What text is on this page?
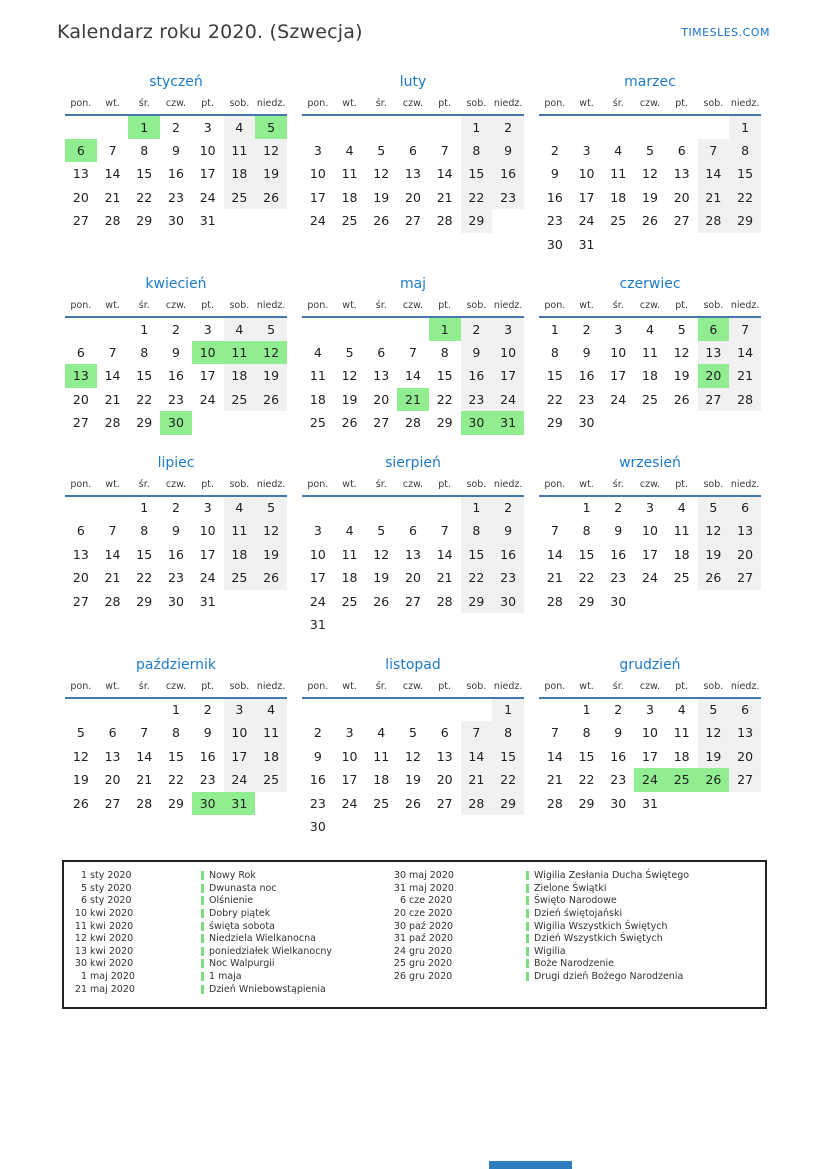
Kalendarz roku 2020. (Szwecja)	TIMESLES.COM
styczeń
pon.	wt.	śr.	czw.	pt.	sob.	niedz.
		1	2	3	4	5
6	7	8	9	10	11	12
13	14	15	16	17	18	19
20	21	22	23	24	25	26
27	28	29	30	31		
luty
pon.	wt.	śr.	czw.	pt.	sob.	niedz.
					1	2
3	4	5	6	7	8	9
10	11	12	13	14	15	16
17	18	19	20	21	22	23
24	25	26	27	28	29	
marzec
pon.	wt.	śr.	czw.	pt.	sob.	niedz.
						1
2	3	4	5	6	7	8
9	10	11	12	13	14	15
16	17	18	19	20	21	22
23	24	25	26	27	28	29
30	31					
kwiecień
pon.	wt.	śr.	czw.	pt.	sob.	niedz.
		1	2	3	4	5
6	7	8	9	10	11	12
13	14	15	16	17	18	19
20	21	22	23	24	25	26
27	28	29	30			
maj
pon.	wt.	śr.	czw.	pt.	sob.	niedz.
				1	2	3
4	5	6	7	8	9	10
11	12	13	14	15	16	17
18	19	20	21	22	23	24
25	26	27	28	29	30	31
czerwiec
pon.	wt.	śr.	czw.	pt.	sob.	niedz.
1	2	3	4	5	6	7
8	9	10	11	12	13	14
15	16	17	18	19	20	21
22	23	24	25	26	27	28
29	30					
lipiec
pon.	wt.	śr.	czw.	pt.	sob.	niedz.
		1	2	3	4	5
6	7	8	9	10	11	12
13	14	15	16	17	18	19
20	21	22	23	24	25	26
27	28	29	30	31		
sierpień
pon.	wt.	śr.	czw.	pt.	sob.	niedz.
					1	2
3	4	5	6	7	8	9
10	11	12	13	14	15	16
17	18	19	20	21	22	23
24	25	26	27	28	29	30
31						
wrzesień
pon.	wt.	śr.	czw.	pt.	sob.	niedz.
	1	2	3	4	5	6
7	8	9	10	11	12	13
14	15	16	17	18	19	20
21	22	23	24	25	26	27
28	29	30				
październik
pon.	wt.	śr.	czw.	pt.	sob.	niedz.
			1	2	3	4
5	6	7	8	9	10	11
12	13	14	15	16	17	18
19	20	21	22	23	24	25
26	27	28	29	30	31	
listopad
pon.	wt.	śr.	czw.	pt.	sob.	niedz.
						1
2	3	4	5	6	7	8
9	10	11	12	13	14	15
16	17	18	19	20	21	22
23	24	25	26	27	28	29
30						
grudzień
pon.	wt.	śr.	czw.	pt.	sob.	niedz.
	1	2	3	4	5	6
7	8	9	10	11	12	13
14	15	16	17	18	19	20
21	22	23	24	25	26	27
28	29	30	31			
1 sty 2020	Nowy Rok
5 sty 2020	Dwunasta noc
6 sty 2020	Olśnienie
10 kwi 2020	Dobry piątek
11 kwi 2020	święta sobota
12 kwi 2020	Niedziela Wielkanocna
13 kwi 2020	poniedziałek Wielkanocny
30 kwi 2020	Noc Walpurgii
1 maj 2020	1 maja
21 maj 2020	Dzień Wniebowstąpienia
30 maj 2020	Wigilia Zesłania Ducha Świętego
31 maj 2020	Zielone Świątki
6 cze 2020	Święto Narodowe
20 cze 2020	Dzień świętojański
30 paź 2020	Wigilia Wszystkich Świętych
31 paź 2020	Dzień Wszystkich Świętych
24 gru 2020	Wigilia
25 gru 2020	Boże Narodzenie
26 gru 2020	Drugi dzień Bożego Narodzenia
